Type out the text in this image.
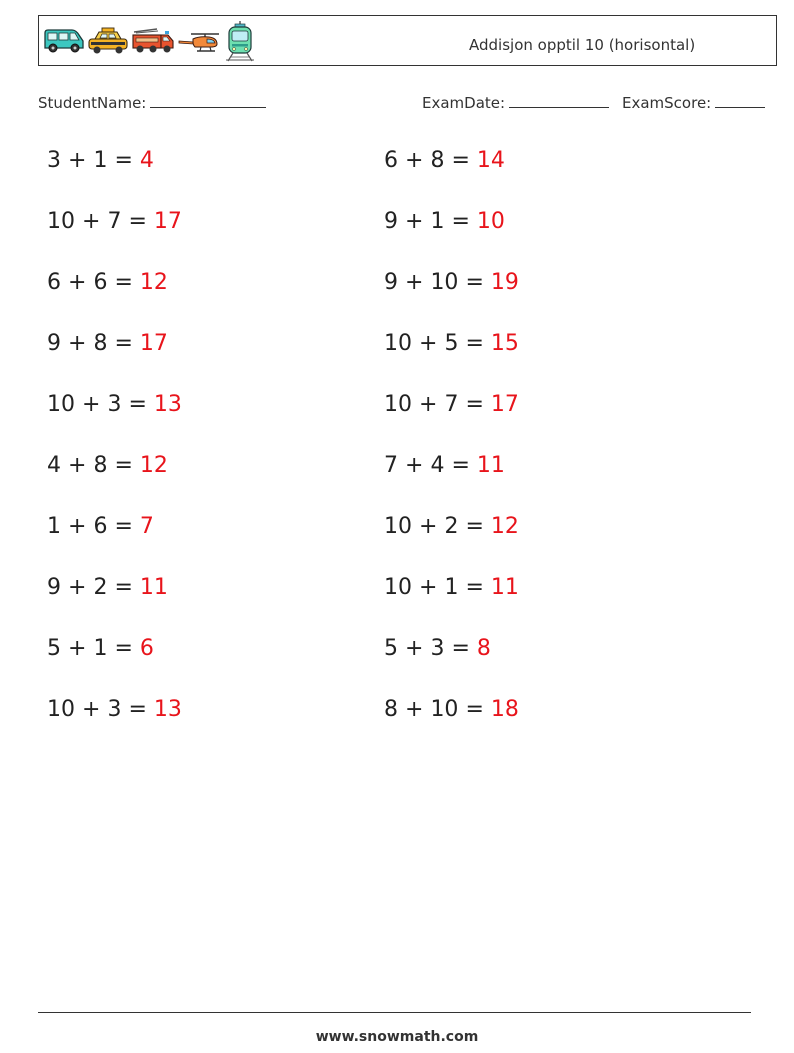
Addisjon opptil 10 (horisontal)
StudentName:	ExamDate:	ExamScore:
3 + 1 = 4
10 + 7 = 17
6 + 6 = 12
9 + 8 = 17
10 + 3 = 13
4 + 8 = 12
1 + 6 = 7
9 + 2 = 11
5 + 1 = 6
10 + 3 = 13
6 + 8 = 14
9 + 1 = 10
9 + 10 = 19
10 + 5 = 15
10 + 7 = 17
7 + 4 = 11
10 + 2 = 12
10 + 1 = 11
5 + 3 = 8
8 + 10 = 18
www.snowmath.com
